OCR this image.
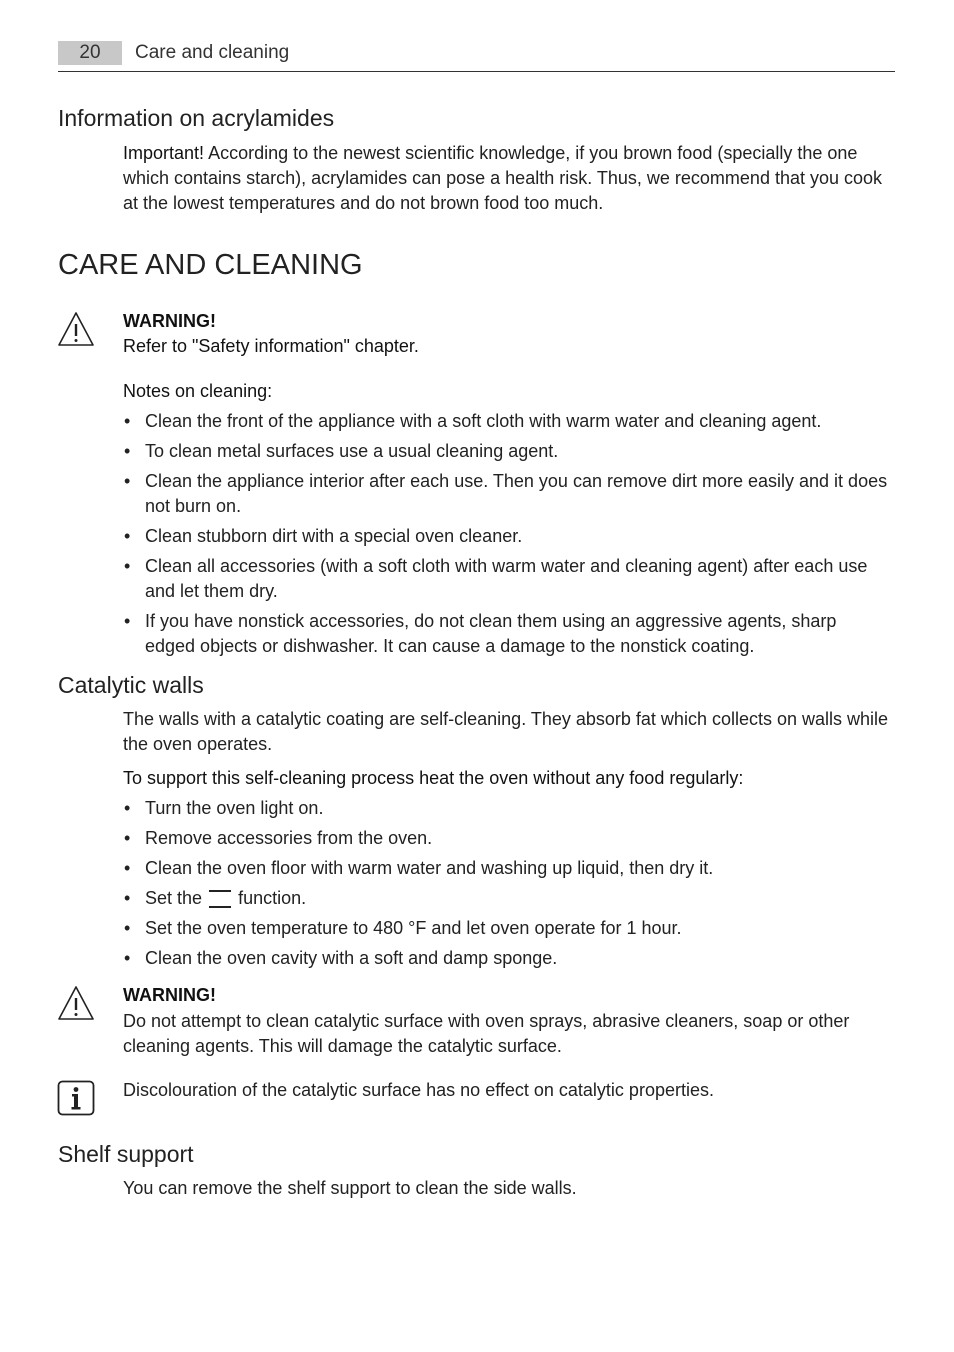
20	Care and cleaning
Information on acrylamides
Important! According to the newest scientific knowledge, if you brown food (specially the one which contains starch), acrylamides can pose a health risk. Thus, we recommend that you cook at the lowest temperatures and do not brown food too much.
CARE AND CLEANING
WARNING!
Refer to "Safety information" chapter.
Notes on cleaning:
• Clean the front of the appliance with a soft cloth with warm water and cleaning agent.
• To clean metal surfaces use a usual cleaning agent.
• Clean the appliance interior after each use. Then you can remove dirt more easily and it does not burn on.
• Clean stubborn dirt with a special oven cleaner.
• Clean all accessories (with a soft cloth with warm water and cleaning agent) after each use and let them dry.
• If you have nonstick accessories, do not clean them using an aggressive agents, sharp edged objects or dishwasher. It can cause a damage to the nonstick coating.
Catalytic walls
The walls with a catalytic coating are self-cleaning. They absorb fat which collects on walls while the oven operates.
To support this self-cleaning process heat the oven without any food regularly:
• Turn the oven light on.
• Remove accessories from the oven.
• Clean the oven floor with warm water and washing up liquid, then dry it.
• Set the function.
• Set the oven temperature to 480 °F and let oven operate for 1 hour.
• Clean the oven cavity with a soft and damp sponge.
WARNING!
Do not attempt to clean catalytic surface with oven sprays, abrasive cleaners, soap or other cleaning agents. This will damage the catalytic surface.
Discolouration of the catalytic surface has no effect on catalytic properties.
Shelf support
You can remove the shelf support to clean the side walls.
